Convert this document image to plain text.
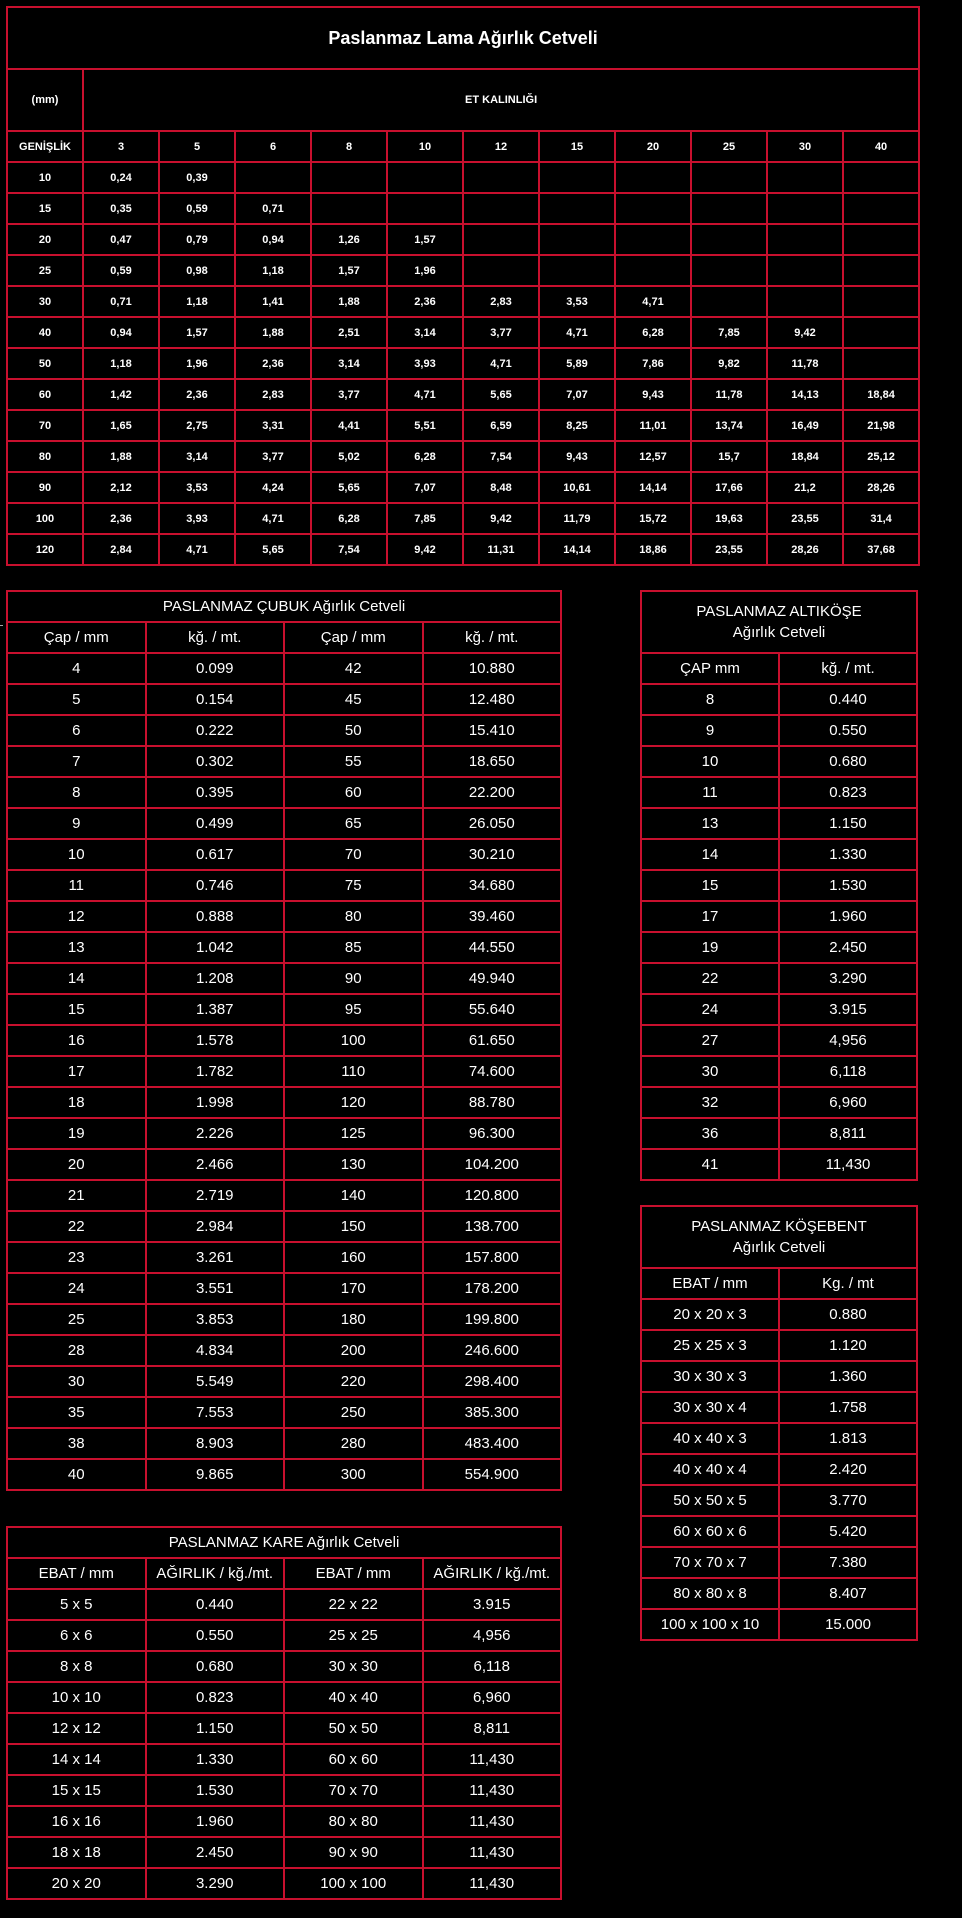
Paslanmaz Lama Ağırlık Cetveli											
(mm)	ET KALINLIĞI										
GENİŞLİK	3	5	6	8	10	12	15	20	25	30	40
10	0,24	0,39									
15	0,35	0,59	0,71								
20	0,47	0,79	0,94	1,26	1,57						
25	0,59	0,98	1,18	1,57	1,96						
30	0,71	1,18	1,41	1,88	2,36	2,83	3,53	4,71			
40	0,94	1,57	1,88	2,51	3,14	3,77	4,71	6,28	7,85	9,42	
50	1,18	1,96	2,36	3,14	3,93	4,71	5,89	7,86	9,82	11,78	
60	1,42	2,36	2,83	3,77	4,71	5,65	7,07	9,43	11,78	14,13	18,84
70	1,65	2,75	3,31	4,41	5,51	6,59	8,25	11,01	13,74	16,49	21,98
80	1,88	3,14	3,77	5,02	6,28	7,54	9,43	12,57	15,7	18,84	25,12
90	2,12	3,53	4,24	5,65	7,07	8,48	10,61	14,14	17,66	21,2	28,26
100	2,36	3,93	4,71	6,28	7,85	9,42	11,79	15,72	19,63	23,55	31,4
120	2,84	4,71	5,65	7,54	9,42	11,31	14,14	18,86	23,55	28,26	37,68
PASLANMAZ ÇUBUK Ağırlık Cetveli			
Çap / mm	kğ. / mt.	Çap / mm	kğ. / mt.
4	0.099	42	10.880
5	0.154	45	12.480
6	0.222	50	15.410
7	0.302	55	18.650
8	0.395	60	22.200
9	0.499	65	26.050
10	0.617	70	30.210
11	0.746	75	34.680
12	0.888	80	39.460
13	1.042	85	44.550
14	1.208	90	49.940
15	1.387	95	55.640
16	1.578	100	61.650
17	1.782	110	74.600
18	1.998	120	88.780
19	2.226	125	96.300
20	2.466	130	104.200
21	2.719	140	120.800
22	2.984	150	138.700
23	3.261	160	157.800
24	3.551	170	178.200
25	3.853	180	199.800
28	4.834	200	246.600
30	5.549	220	298.400
35	7.553	250	385.300
38	8.903	280	483.400
40	9.865	300	554.900
PASLANMAZ ALTIKÖŞE
Ağırlık Cetveli	

ÇAP mm	kğ. / mt.
8	0.440
9	0.550
10	0.680
11	0.823
13	1.150
14	1.330
15	1.530
17	1.960
19	2.450
22	3.290
24	3.915
27	4,956
30	6,118
32	6,960
36	8,811
41	11,430
PASLANMAZ KÖŞEBENT
Ağırlık Cetveli	

EBAT / mm	Kg. / mt
20 x 20 x 3	0.880
25 x 25 x 3	1.120
30 x 30 x 3	1.360
30 x 30 x 4	1.758
40 x 40 x 3	1.813
40 x 40 x 4	2.420
50 x 50 x 5	3.770
60 x 60 x 6	5.420
70 x 70 x 7	7.380
80 x 80 x 8	8.407
100 x 100 x 10	15.000
PASLANMAZ KARE Ağırlık Cetveli			
EBAT / mm	AĞIRLIK / kğ./mt.	EBAT / mm	AĞIRLIK / kğ./mt.
5 x 5	0.440	22 x 22	3.915
6 x 6	0.550	25 x 25	4,956
8 x 8	0.680	30 x 30	6,118
10 x 10	0.823	40 x 40	6,960
12 x 12	1.150	50 x 50	8,811
14 x 14	1.330	60 x 60	11,430
15 x 15	1.530	70 x 70	11,430
16 x 16	1.960	80 x 80	11,430
18 x 18	2.450	90 x 90	11,430
20 x 20	3.290	100 x 100	11,430
